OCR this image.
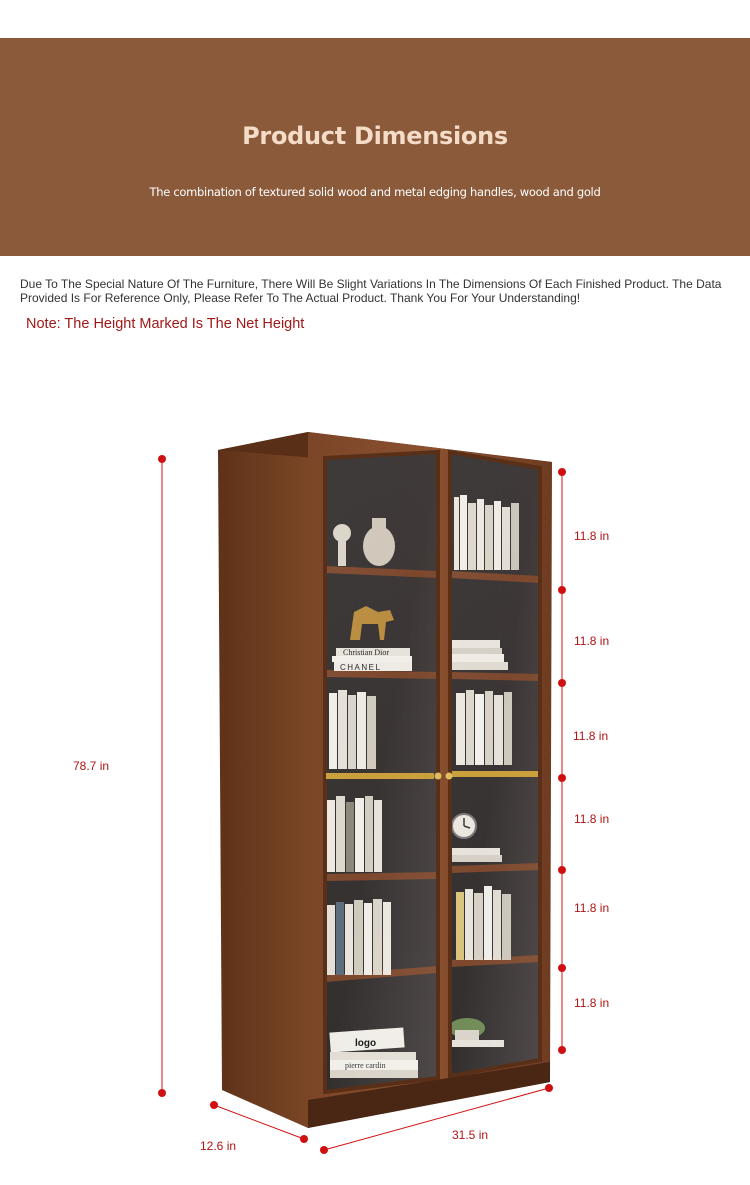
Product Dimensions
The combination of textured solid wood and metal edging handles, wood and gold
Due To The Special Nature Of The Furniture, There Will Be Slight Variations In The Dimensions Of Each Finished Product. The Data Provided Is For Reference Only, Please Refer To The Actual Product. Thank You For Your Understanding!
Note: The Height Marked Is The Net Height
78.7 in
11.8 in
11.8 in
11.8 in
11.8 in
11.8 in
11.8 in
12.6 in
31.5 in
